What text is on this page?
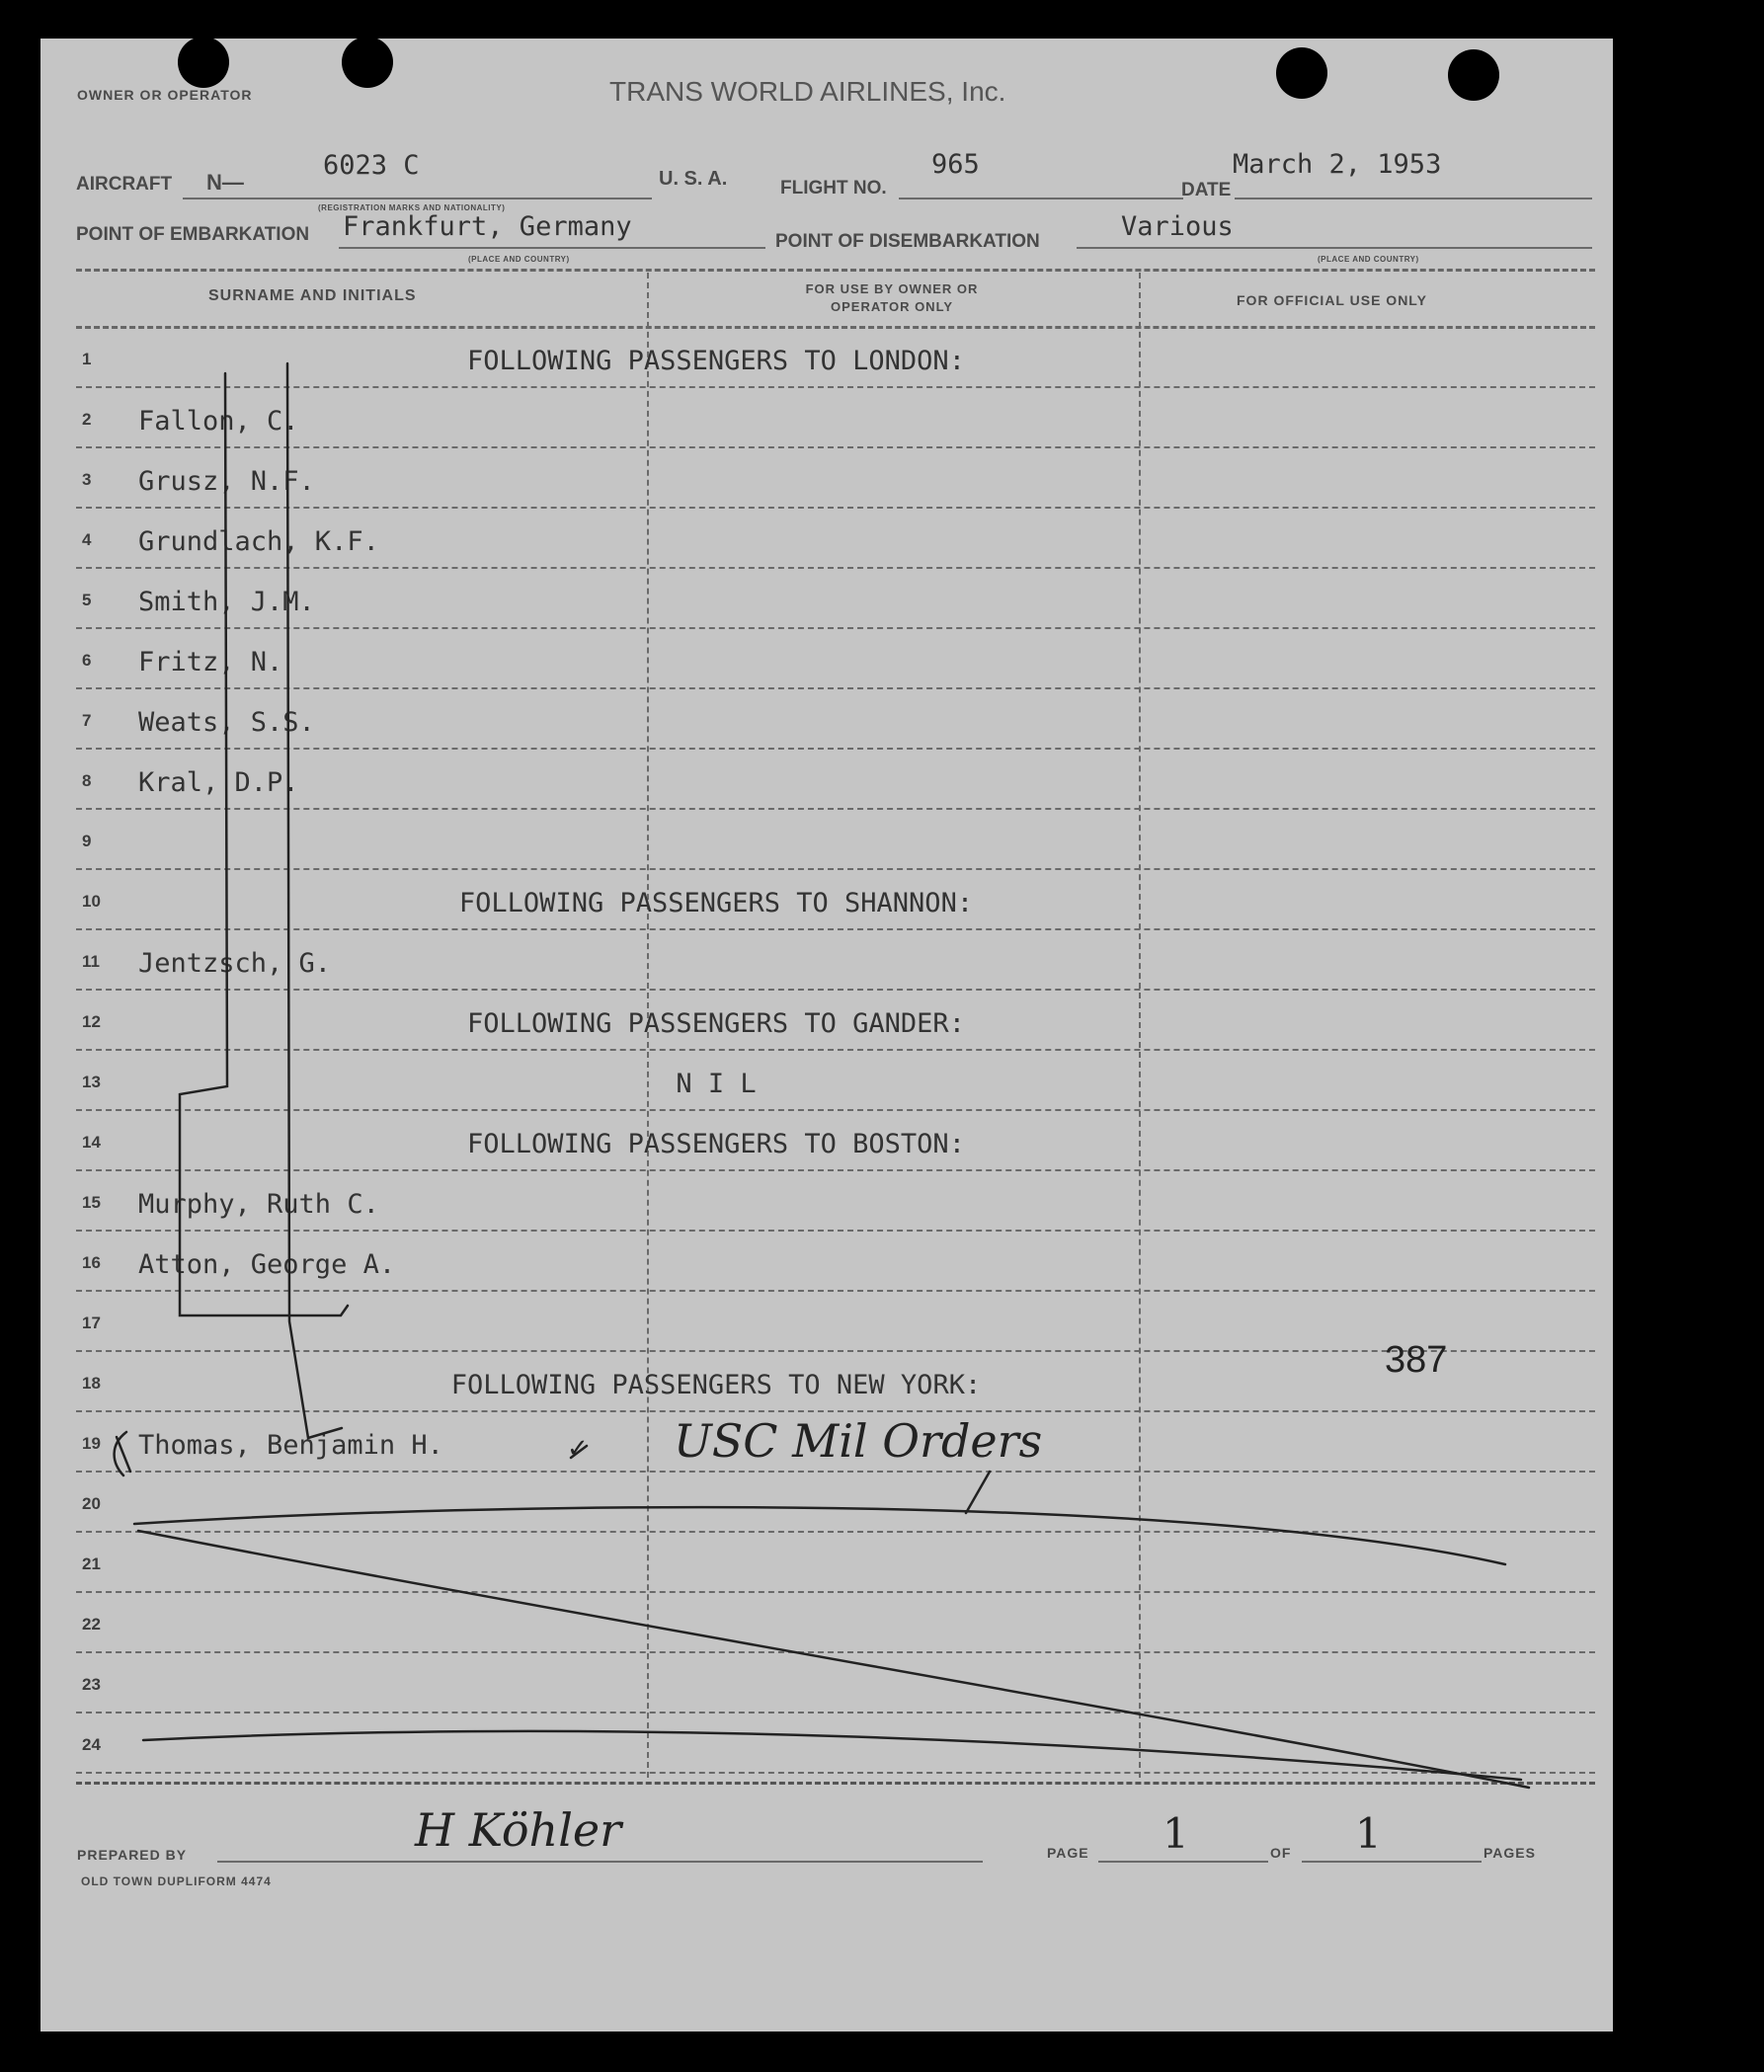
OWNER OR OPERATOR	TRANS WORLD AIRLINES, Inc.
AIRCRAFT N—
6023 C	U. S. A.	FLIGHT NO.
965
DATE
March 2, 1953
(REGISTRATION MARKS AND NATIONALITY)
POINT OF EMBARKATION Frankfurt, Germany	POINT OF DISEMBARKATION	Various
(PLACE AND COUNTRY)	(PLACE AND COUNTRY)
SURNAME AND INITIALS	FOR USE BY OWNER OR OPERATOR ONLY	FOR OFFICIAL USE ONLY
1	FOLLOWING PASSENGERS TO LONDON:
2 Fallon, C.
3 Grusz, N.F.
4 Grundlach, K.F.
5 Smith, J.M.
6 Fritz, N.
7 Weats, S.S.
8 Kral, D.P.
9
10	FOLLOWING PASSENGERS TO SHANNON:
11 Jentzsch, G.
12	FOLLOWING PASSENGERS TO GANDER:
13	N I L
14	FOLLOWING PASSENGERS TO BOSTON:
15 Murphy, Ruth C.
16 Atton, George A.
17
18	FOLLOWING PASSENGERS TO NEW YORK:
19 Thomas, Benjamin H.
20
21
22
23
24
✓ USC Mil Orders
387
PREPARED BY	H Köhler	PAGE 1	OF 1	PAGES
OLD TOWN DUPLIFORM 4474
